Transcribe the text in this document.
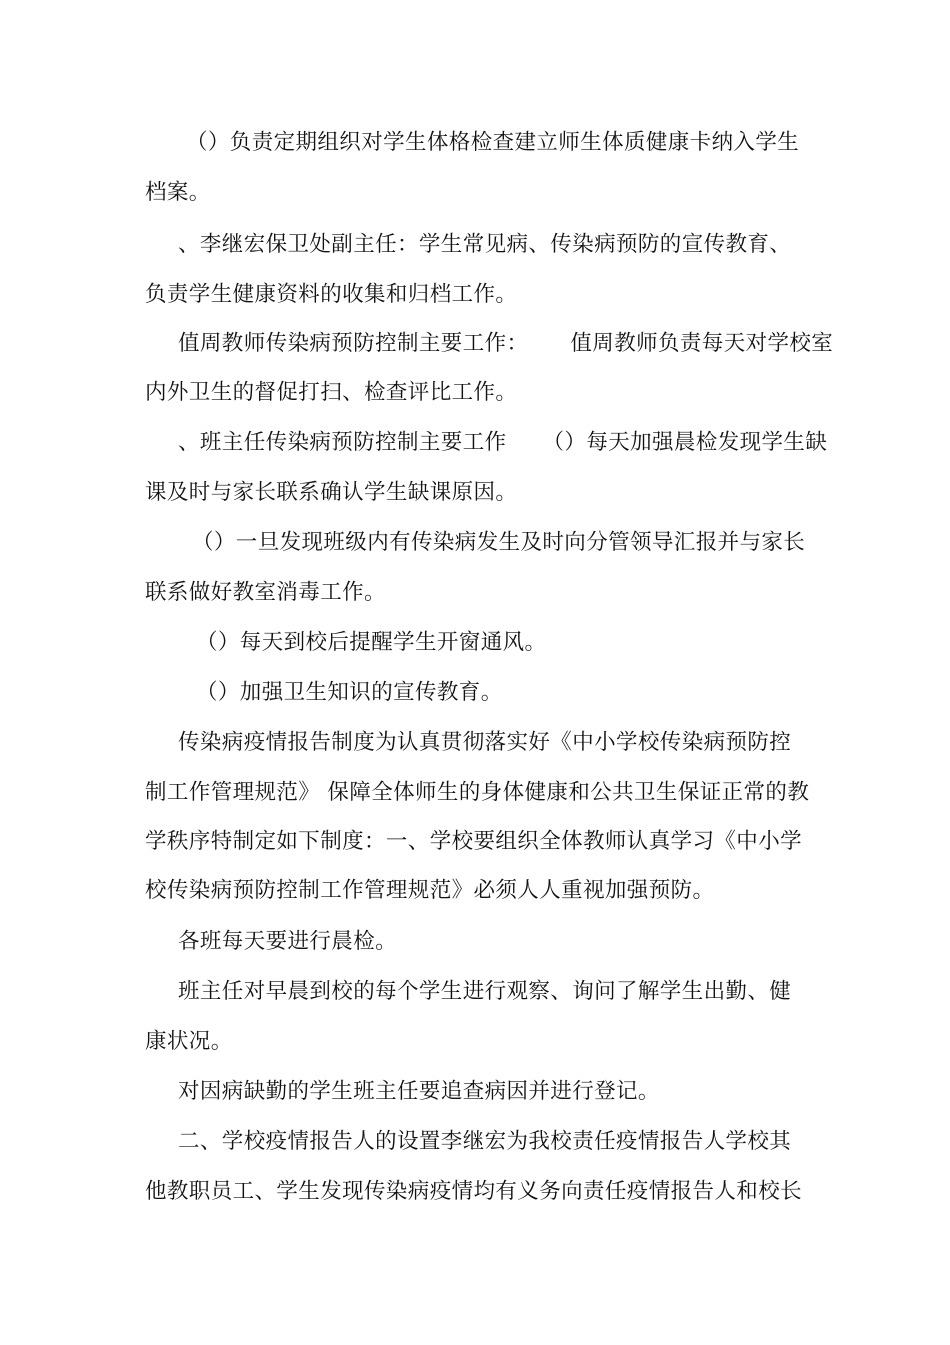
（）负责定期组织对学生体格检查建立师生体质健康卡纳入学生
档案。
、李继宏保卫处副主任：学生常见病、传染病预防的宣传教育、
负责学生健康资料的收集和归档工作。
值周教师传染病预防控制主要工作： 值周教师负责每天对学校室
内外卫生的督促打扫、检查评比工作。
、班主任传染病预防控制主要工作 （）每天加强晨检发现学生缺
课及时与家长联系确认学生缺课原因。
（）一旦发现班级内有传染病发生及时向分管领导汇报并与家长
联系做好教室消毒工作。
（）每天到校后提醒学生开窗通风。
（）加强卫生知识的宣传教育。
传染病疫情报告制度为认真贯彻落实好《中小学校传染病预防控
制工作管理规范》 保障全体师生的身体健康和公共卫生保证正常的教
学秩序特制定如下制度：一、学校要组织全体教师认真学习《中小学
校传染病预防控制工作管理规范》必须人人重视加强预防。
各班每天要进行晨检。
班主任对早晨到校的每个学生进行观察、询问了解学生出勤、健
康状况。
对因病缺勤的学生班主任要追查病因并进行登记。
二、学校疫情报告人的设置李继宏为我校责任疫情报告人学校其
他教职员工、学生发现传染病疫情均有义务向责任疫情报告人和校长
